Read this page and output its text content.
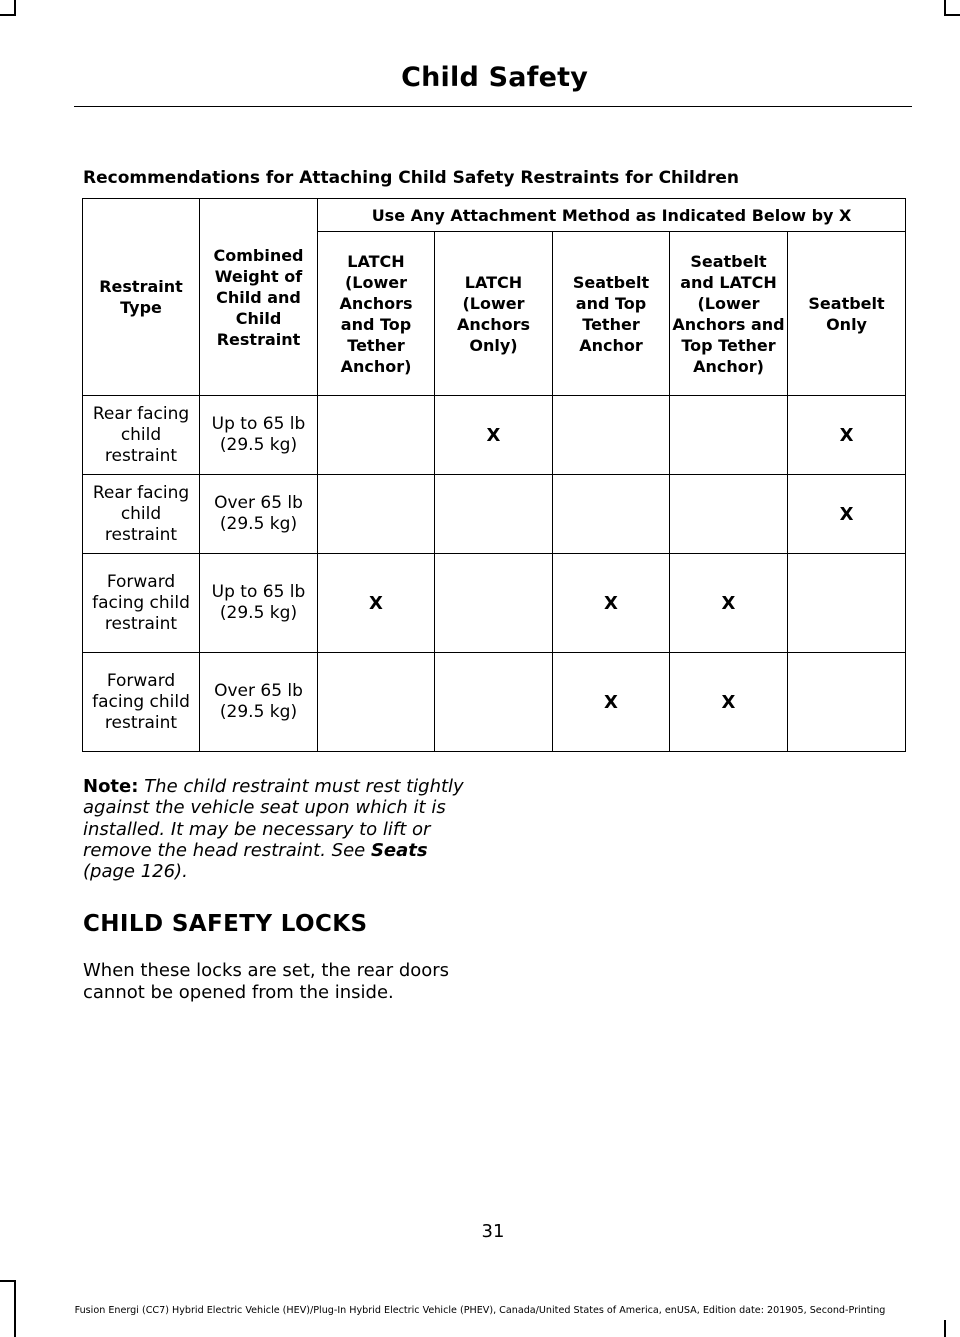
Child Safety
Recommendations for Attaching Child Safety Restraints for Children
Restraint Type	Combined Weight of Child and Child Restraint	Use Any Attachment Method as Indicated Below by X				
		LATCH (Lower Anchors and Top Tether Anchor)	LATCH (Lower Anchors Only)	Seatbelt and Top Tether Anchor	Seatbelt and LATCH (Lower Anchors and Top Tether Anchor)	Seatbelt Only
Rear facing child restraint	Up to 65 lb (29.5 kg)		X			X
Rear facing child restraint	Over 65 lb (29.5 kg)					X
Forward facing child restraint	Up to 65 lb (29.5 kg)	X		X	X	
Forward facing child restraint	Over 65 lb (29.5 kg)			X	X	
Note: The child restraint must rest tightly against the vehicle seat upon which it is installed. It may be necessary to lift or remove the head restraint. See Seats (page 126).
CHILD SAFETY LOCKS
When these locks are set, the rear doors cannot be opened from the inside.
31
Fusion Energi (CC7) Hybrid Electric Vehicle (HEV)/Plug-In Hybrid Electric Vehicle (PHEV), Canada/United States of America, enUSA, Edition date: 201905, Second-Printing
